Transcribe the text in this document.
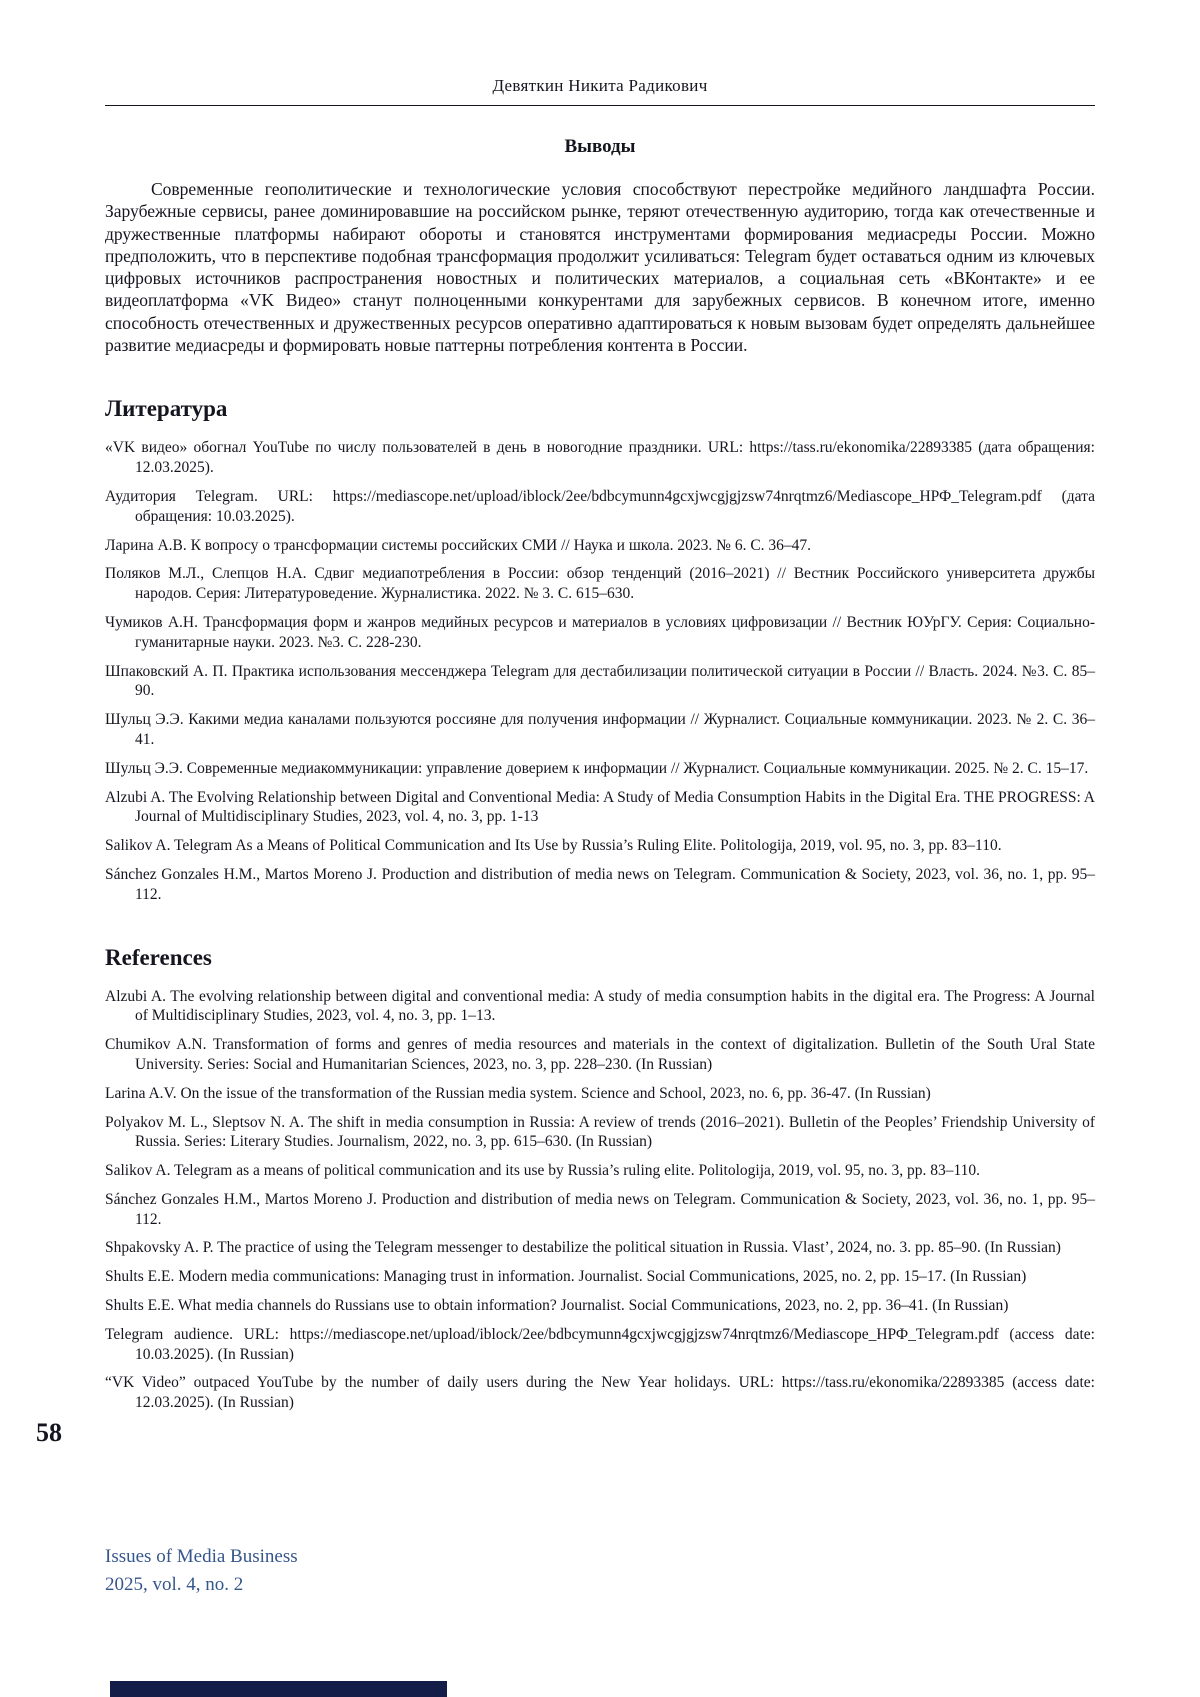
Девяткин Никита Радикович
Выводы

Современные геополитические и технологические условия способствуют перестройке медийного ландшафта России. Зарубежные сервисы, ранее доминировавшие на российском рынке, теряют отечественную аудиторию, тогда как отечественные и дружественные платформы набирают обороты и становятся инструментами формирования медиасреды России. Можно предположить, что в перспективе подобная трансформация продолжит усиливаться: Telegram будет оставаться одним из ключевых цифровых источников распространения новостных и политических материалов, а социальная сеть «ВКонтакте» и ее видеоплатформа «VK Видео» станут полноценными конкурентами для зарубежных сервисов. В конечном итоге, именно способность отечественных и дружественных ресурсов оперативно адаптироваться к новым вызовам будет определять дальнейшее развитие медиасреды и формировать новые паттерны потребления контента в России.

Литература

«VK видео» обогнал YouTube по числу пользователей в день в новогодние праздники. URL: https://tass.ru/ekonomika/22893385 (дата обращения: 12.03.2025).

Аудитория Telegram. URL: https://mediascope.net/upload/iblock/2ee/bdbcymunn4gcxjwcgjgjzsw74nrqtmz6/Mediascope_НРФ_Telegram.pdf (дата обращения: 10.03.2025).

Ларина А.В. К вопросу о трансформации системы российских СМИ // Наука и школа. 2023. № 6. С. 36–47.

Поляков М.Л., Слепцов Н.А. Сдвиг медиапотребления в России: обзор тенденций (2016–2021) // Вестник Российского университета дружбы народов. Серия: Литературоведение. Журналистика. 2022. № 3. С. 615–630.

Чумиков А.Н. Трансформация форм и жанров медийных ресурсов и материалов в условиях цифровизации // Вестник ЮУрГУ. Серия: Социально-гуманитарные науки. 2023. №3. С. 228-230.

Шпаковский А. П. Практика использования мессенджера Telegram для дестабилизации политической ситуации в России // Власть. 2024. №3. С. 85–90.

Шульц Э.Э. Какими медиа каналами пользуются россияне для получения информации // Журналист. Социальные коммуникации. 2023. № 2. С. 36–41.

Шульц Э.Э. Современные медиакоммуникации: управление доверием к информации // Журналист. Социальные коммуникации. 2025. № 2. С. 15–17.

Alzubi A. The Evolving Relationship between Digital and Conventional Media: A Study of Media Consumption Habits in the Digital Era. THE PROGRESS: A Journal of Multidisciplinary Studies, 2023, vol. 4, no. 3, pp. 1-13

Salikov A. Telegram As a Means of Political Communication and Its Use by Russia’s Ruling Elite. Politologija, 2019, vol. 95, no. 3, pp. 83–110.

Sánchez Gonzales H.M., Martos Moreno J. Production and distribution of media news on Telegram. Communication & Society, 2023, vol. 36, no. 1, pp. 95–112.

References

Alzubi A. The evolving relationship between digital and conventional media: A study of media consumption habits in the digital era. The Progress: A Journal of Multidisciplinary Studies, 2023, vol. 4, no. 3, pp. 1–13.

Chumikov A.N. Transformation of forms and genres of media resources and materials in the context of digitalization. Bulletin of the South Ural State University. Series: Social and Humanitarian Sciences, 2023, no. 3, pp. 228–230. (In Russian)

Larina A.V. On the issue of the transformation of the Russian media system. Science and School, 2023, no. 6, pp. 36-47. (In Russian)

Polyakov M. L., Sleptsov N. A. The shift in media consumption in Russia: A review of trends (2016–2021). Bulletin of the Peoples’ Friendship University of Russia. Series: Literary Studies. Journalism, 2022, no. 3, pp. 615–630. (In Russian)

Salikov A. Telegram as a means of political communication and its use by Russia’s ruling elite. Politologija, 2019, vol. 95, no. 3, pp. 83–110.

Sánchez Gonzales H.M., Martos Moreno J. Production and distribution of media news on Telegram. Communication & Society, 2023, vol. 36, no. 1, pp. 95–112.

Shpakovsky A. P. The practice of using the Telegram messenger to destabilize the political situation in Russia. Vlast’, 2024, no. 3. pp. 85–90. (In Russian)

Shults E.E. Modern media communications: Managing trust in information. Journalist. Social Communications, 2025, no. 2, pp. 15–17. (In Russian)

Shults E.E. What media channels do Russians use to obtain information? Journalist. Social Communications, 2023, no. 2, pp. 36–41. (In Russian)

Telegram audience. URL: https://mediascope.net/upload/iblock/2ee/bdbcymunn4gcxjwcgjgjzsw74nrqtmz6/Mediascope_НРФ_Telegram.pdf (access date: 10.03.2025). (In Russian)

“VK Video” outpaced YouTube by the number of daily users during the New Year holidays. URL: https://tass.ru/ekonomika/22893385 (access date: 12.03.2025). (In Russian)

58
Issues of Media Business
2025, vol. 4, no. 2
